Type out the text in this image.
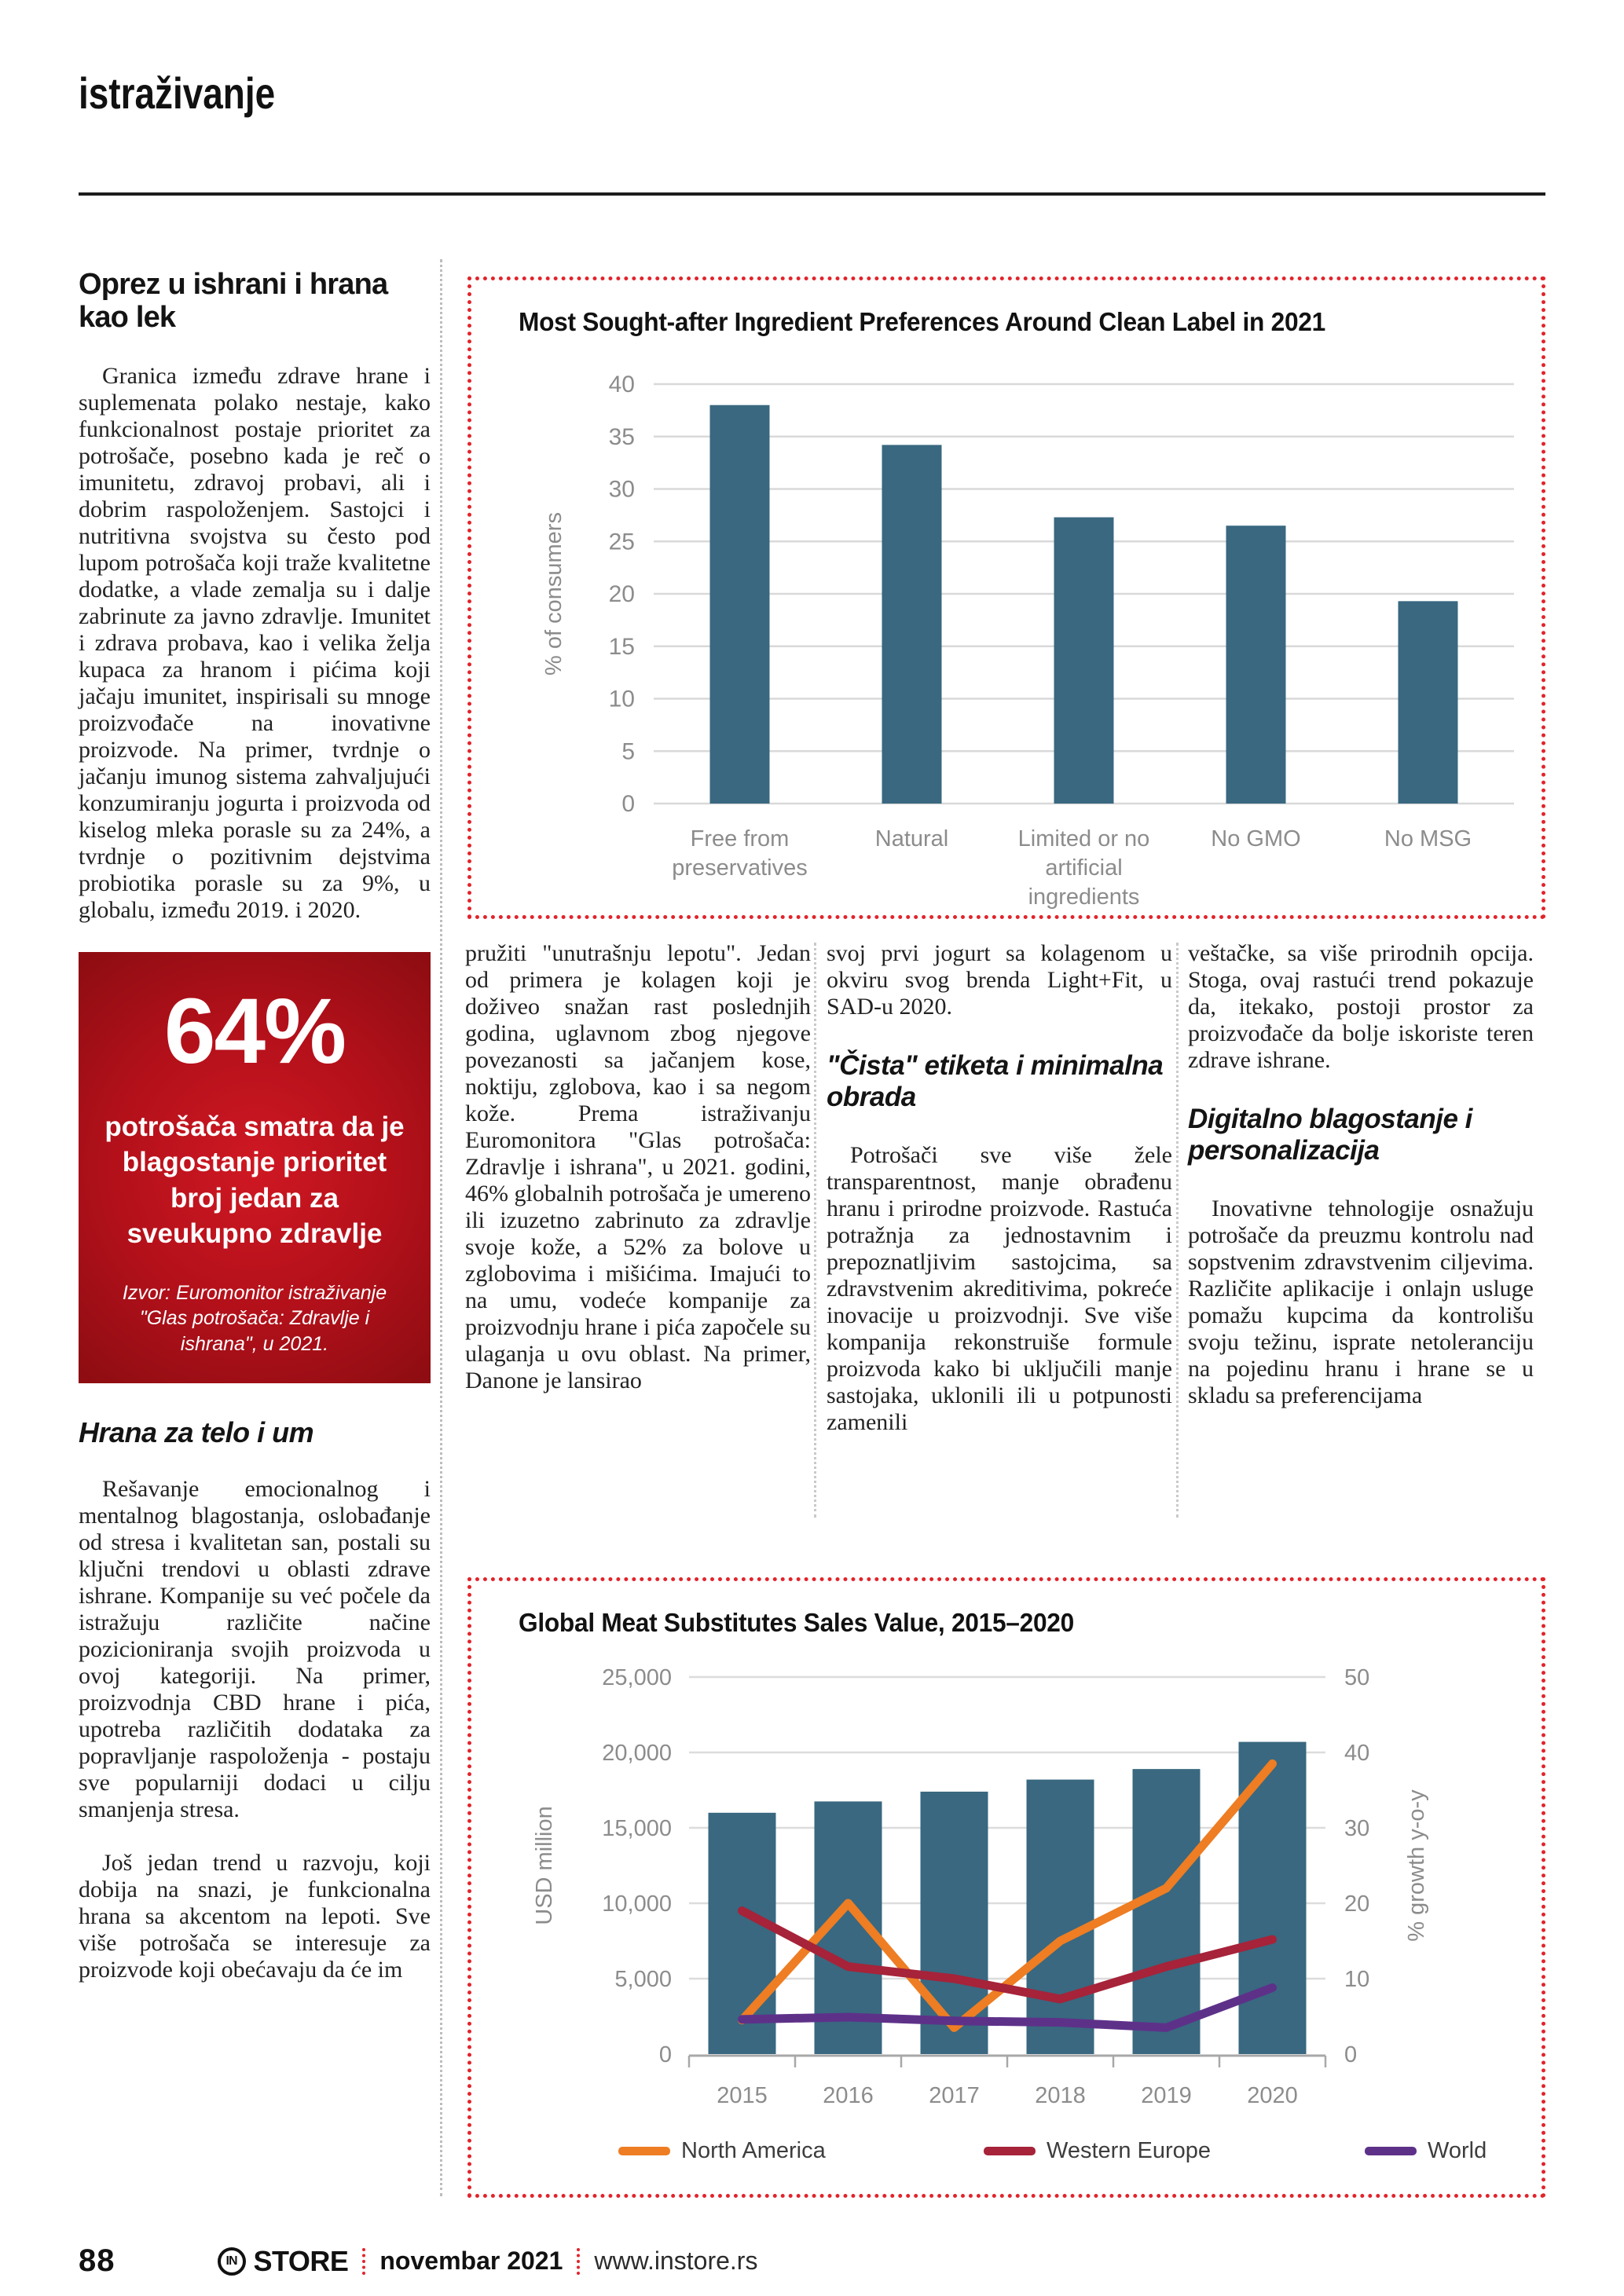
istraživanje
Oprez u ishrani i hrana kao lek

Granica između zdrave hrane i suplemenata polako nestaje, kako funkcionalnost postaje prioritet za potrošače, posebno kada je reč o imunitetu, zdravoj probavi, ali i dobrim raspoloženjem. Sastojci i nutritivna svojstva su često pod lupom potrošača koji traže kvalitetne dodatke, a vlade zemalja su i dalje zabrinute za javno zdravlje. Imunitet i zdrava probava, kao i velika želja kupaca za hranom i pićima koji jačaju imunitet, inspirisali su mnoge proizvođače na inovativne proizvode. Na primer, tvrdnje o jačanju imunog sistema zahvaljujući konzumiranju jogurta i proizvoda od kiselog mleka porasle su za 24%, a tvrdnje o pozitivnim dejstvima probiotika porasle su za 9%, u globalu, između 2019. i 2020.

64%
potrošača smatra da je blagostanje prioritet broj jedan za sveukupno zdravlje
Izvor: Euromonitor istraživanje "Glas potrošača: Zdravlje i ishrana", u 2021.
Hrana za telo i um

Rešavanje emocionalnog i mentalnog blagostanja, oslobađanje od stresa i kvalitetan san, postali su ključni trendovi u oblasti zdrave ishrane. Kompanije su već počele da istražuju različite načine pozicioniranja svojih proizvoda u ovoj kategoriji. Na primer, proizvodnja CBD hrane i pića, upotreba različitih dodataka za popravljanje raspoloženja - postaju sve popularniji dodaci u cilju smanjenja stresa.

Još jedan trend u razvoju, koji dobija na snazi, je funkcionalna hrana sa akcentom na lepoti. Sve više potrošača se interesuje za proizvode koji obećavaju da će im

Most Sought-after Ingredient Preferences Around Clean Label in 2021
0
5
10
15
20
25
30
35
40
% of consumers
Free from
preservatives
Natural	Limited or no
artificial
ingredients
No GMO	No MSG

pružiti "unutrašnju lepotu". Jedan od primera je kolagen koji je doživeo snažan rast poslednjih godina, uglavnom zbog njegove povezanosti sa jačanjem kose, noktiju, zglobova, kao i sa negom kože. Prema istraživanju Euromonitora "Glas potrošača: Zdravlje i ishrana", u 2021. godini, 46% globalnih potrošača je umereno ili izuzetno zabrinuto za zdravlje svoje kože, a 52% za bolove u zglobovima i mišićima. Imajući to na umu, vodeće kompanije za proizvodnju hrane i pića započele su ulaganja u ovu oblast. Na primer, Danone je lansirao

svoj prvi jogurt sa kolagenom u okviru svog brenda Light+Fit, u SAD-u 2020.

"Čista" etiketa i minimalna obrada

Potrošači sve više žele transparentnost, manje obrađenu hranu i prirodne proizvode. Rastuća potražnja za jednostavnim i prepoznatljivim sastojcima, sa zdravstvenim akreditivima, pokreće inovacije u proizvodnji. Sve više kompanija rekonstruiše formule proizvoda kako bi uključili manje sastojaka, uklonili ili u potpunosti zamenili

veštačke, sa više prirodnih opcija. Stoga, ovaj rastući trend pokazuje da, itekako, postoji prostor za proizvođače da bolje iskoriste teren zdrave ishrane.

Digitalno blagostanje i personalizacija

Inovativne tehnologije osnažuju potrošače da preuzmu kontrolu nad sopstvenim zdravstvenim ciljevima. Različite aplikacije i onlajn usluge pomažu kupcima da kontrolišu svoju težinu, isprate netoleranciju na pojedinu hranu i hrane se u skladu sa preferencijama

Global Meat Substitutes Sales Value, 2015–2020
0
5,000
10,000
15,000
20,000
25,000
0
10
20
30
40
50
USD million	% growth y-o-y
2015 2016 2017 2018 2019 2020
North America	Western Europe	World
88	IN STORE novembar 2021 www.instore.rs
